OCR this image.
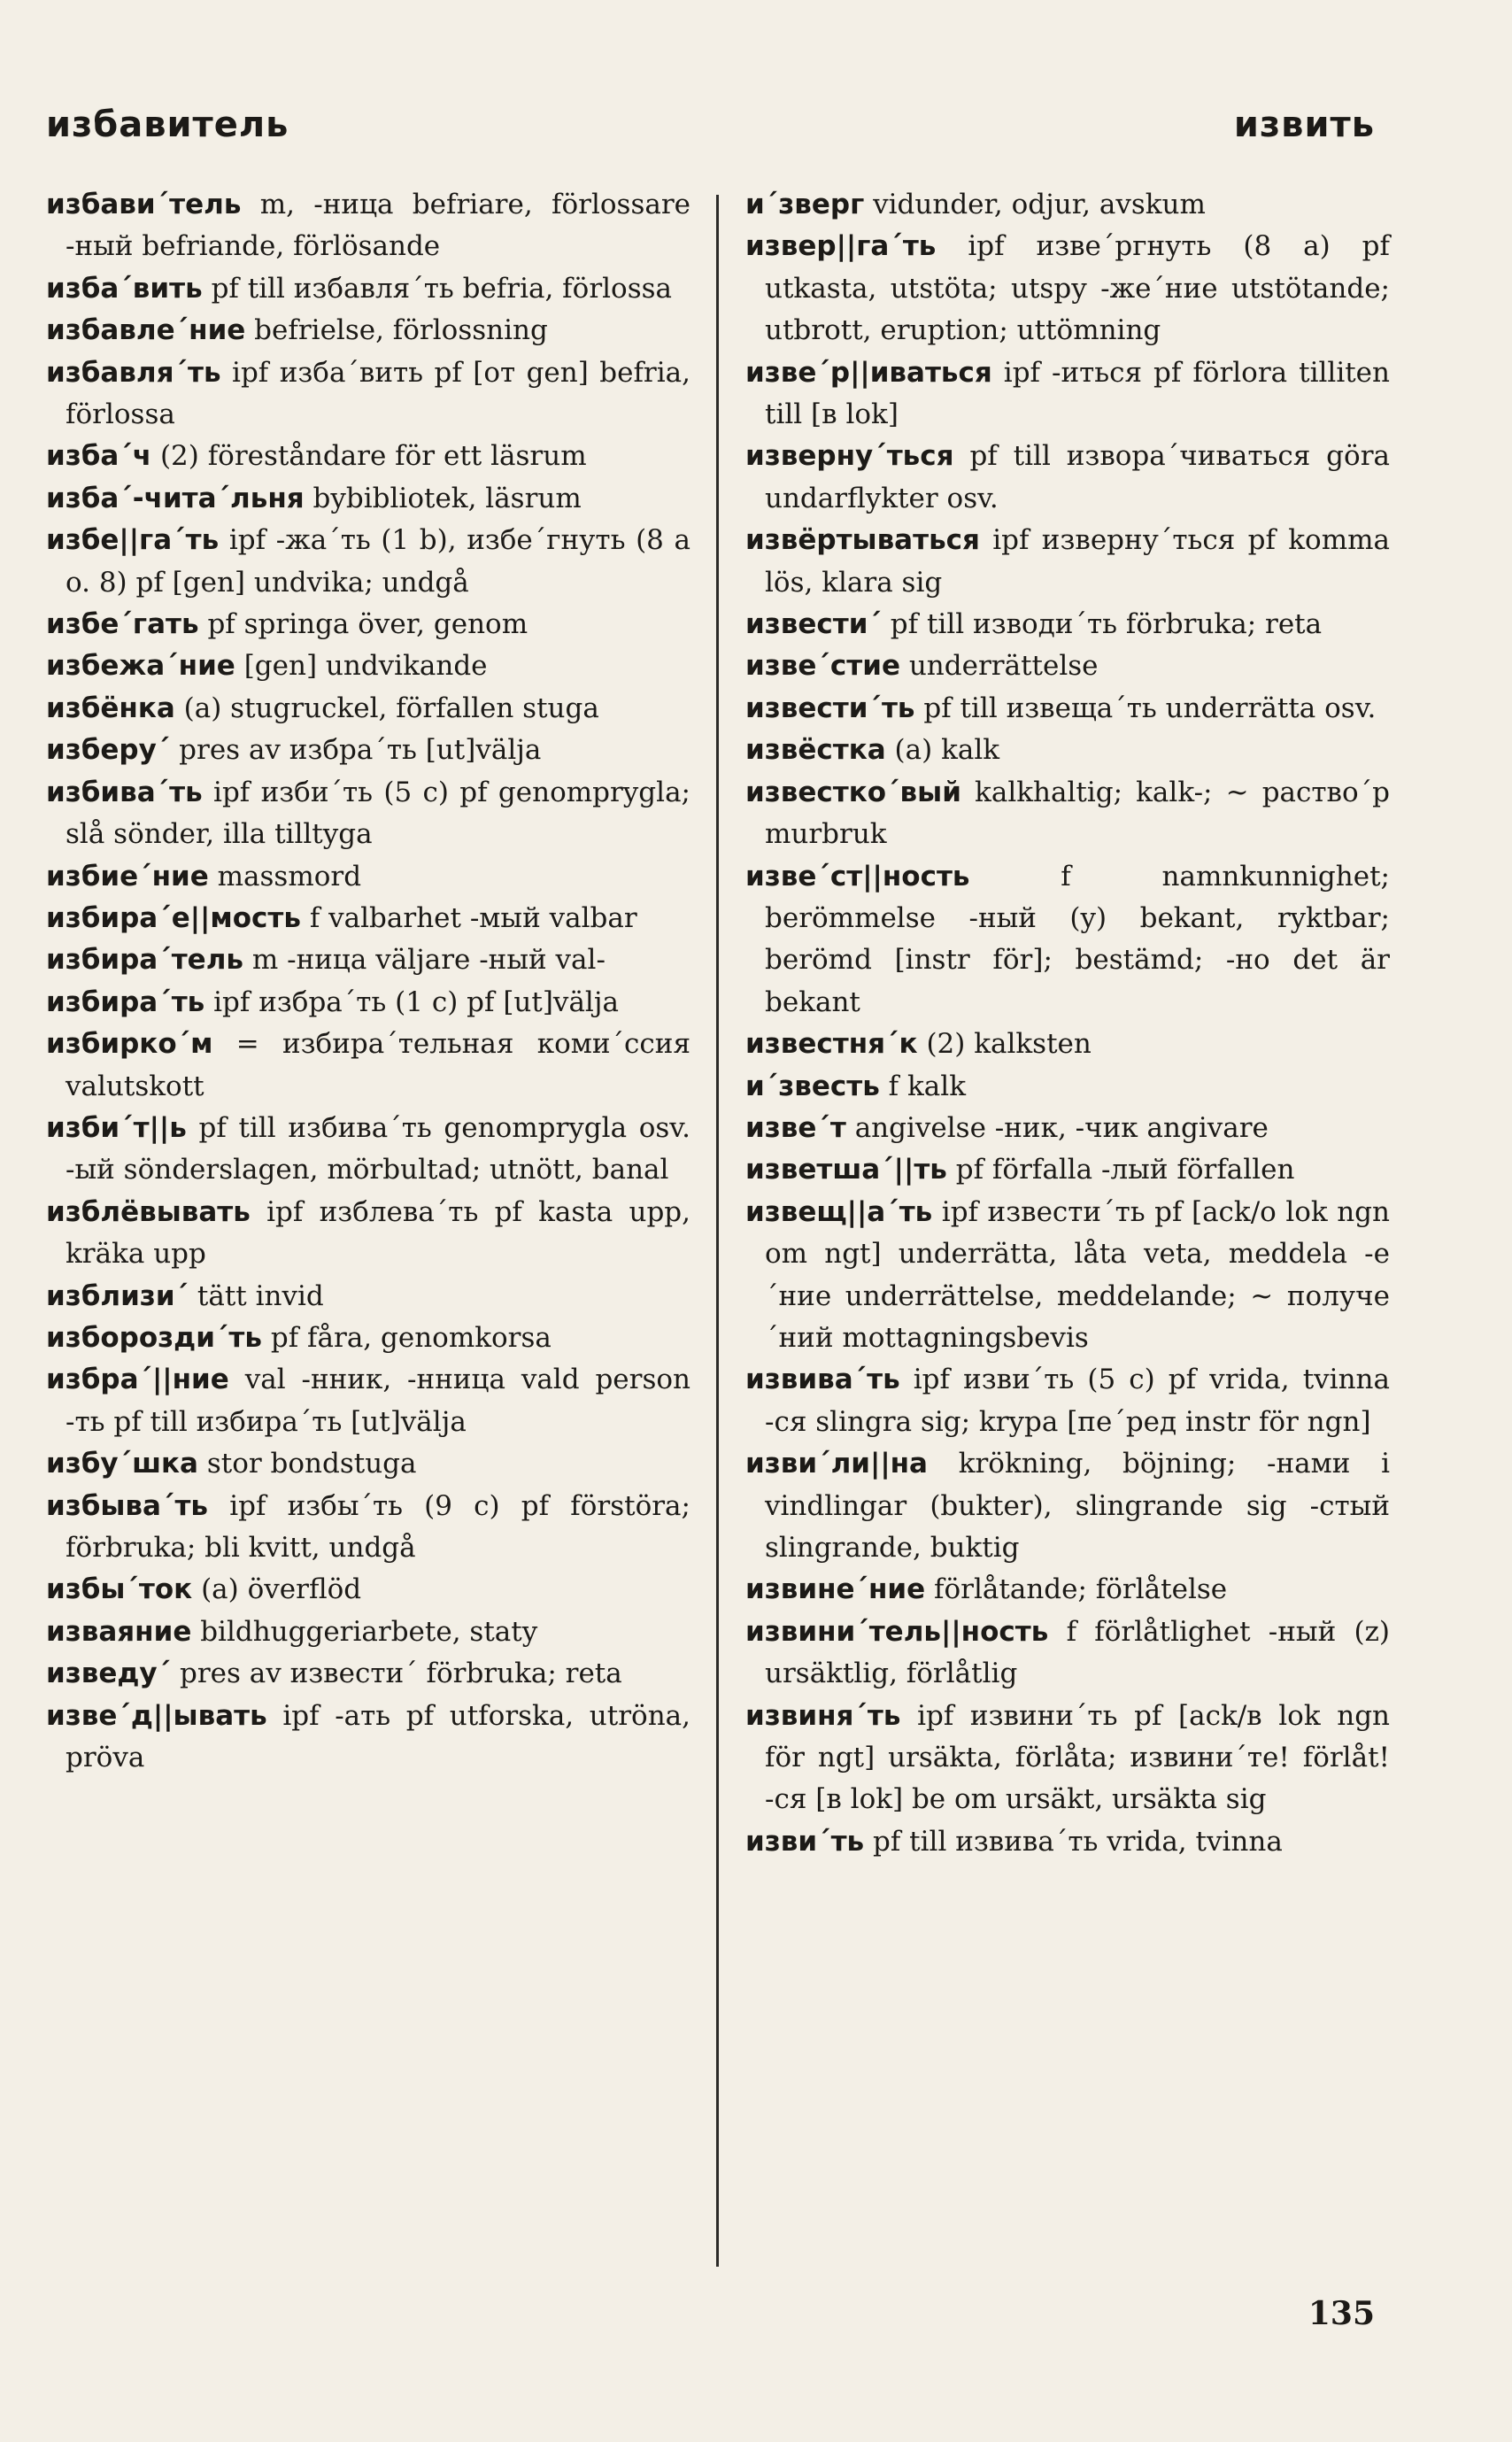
избавитель	извить
избави´тель m, -ница befriare, förlossare -ный befriande, förlösande
изба´вить pf till избавля´ть befria, förlossa
избавле´ние befrielse, förlossning
избавля´ть ipf изба´вить pf [от gen] befria, förlossa
изба´ч (2) föreståndare för ett läsrum
изба´-чита´льня bybibliotek, läsrum
избе||га´ть ipf -жа´ть (1 b), избе´гнуть (8 a o. 8) pf [gen] undvika; undgå
избе´гать pf springa över, genom
избежа´ние [gen] undvikande
избёнка (a) stugruckel, förfallen stuga
изберу´ pres av избра´ть [ut]välja
избива´ть ipf изби´ть (5 c) pf genomprygla; slå sönder, illa tilltyga
избие´ние massmord
избира´е||мость f valbarhet -мый valbar
избира´тель m -ница väljare -ный val-
избира´ть ipf избра´ть (1 c) pf [ut]välja
избирко´м = избира´тельная коми´ссия valutskott
изби´т||ь pf till избива´ть genomprygla osv. -ый sönderslagen, mörbultad; utnött, banal
изблёвывать ipf изблева´ть pf kasta upp, kräka upp
изблизи´ tätt invid
изборозди´ть pf fåra, genomkorsa
избра´||ние val -нник, -нница vald person -ть pf till избира´ть [ut]välja
избу´шка stor bondstuga
избыва´ть ipf избы´ть (9 c) pf förstöra; förbruka; bli kvitt, undgå
избы´ток (a) överflöd
изваяние bildhuggeriarbete, staty
изведу´ pres av извести´ förbruka; reta
изве´д||ывать ipf -ать pf utforska, utröna, pröva
и´зверг vidunder, odjur, avskum
извер||га´ть ipf изве´ргнуть (8 a) pf utkasta, utstöta; utspy -же´ние utstötande; utbrott, eruption; uttömning
изве´р||иваться ipf -иться pf förlora tilliten till [в lok]
изверну´ться pf till извора´чиваться göra undarflykter osv.
извёртываться ipf изверну´ться pf komma lös, klara sig
извести´ pf till изводи´ть förbruka; reta
изве´стие underrättelse
извести´ть pf till извеща´ть underrätta osv.
извёстка (a) kalk
известко´вый kalkhaltig; kalk-; ~ раство´р murbruk
изве´ст||ность f namnkunnighet; berömmelse -ный (y) bekant, ryktbar; berömd [instr för]; bestämd; -но det är bekant
известня´к (2) kalksten
и´звесть f kalk
изве´т angivelse -ник, -чик angivare
изветша´||ть pf förfalla -лый förfallen
извещ||а´ть ipf извести´ть pf [ack/o lok ngn om ngt] underrätta, låta veta, meddela -е´ние underrättelse, meddelande; ~ получе´ний mottagningsbevis
извива´ть ipf изви´ть (5 c) pf vrida, tvinna -ся slingra sig; krypa [пе´ред instr för ngn]
изви´ли||на krökning, böjning; -нами i vindlingar (bukter), slingrande sig -стый slingrande, buktig
извине´ние förlåtande; förlåtelse
извини´тель||ность f förlåtlighet -ный (z) ursäktlig, förlåtlig
извиня´ть ipf извини´ть pf [ack/в lok ngn för ngt] ursäkta, förlåta; извини´те! förlåt! -ся [в lok] be om ursäkt, ursäkta sig
изви´ть pf till извива´ть vrida, tvinna
135
